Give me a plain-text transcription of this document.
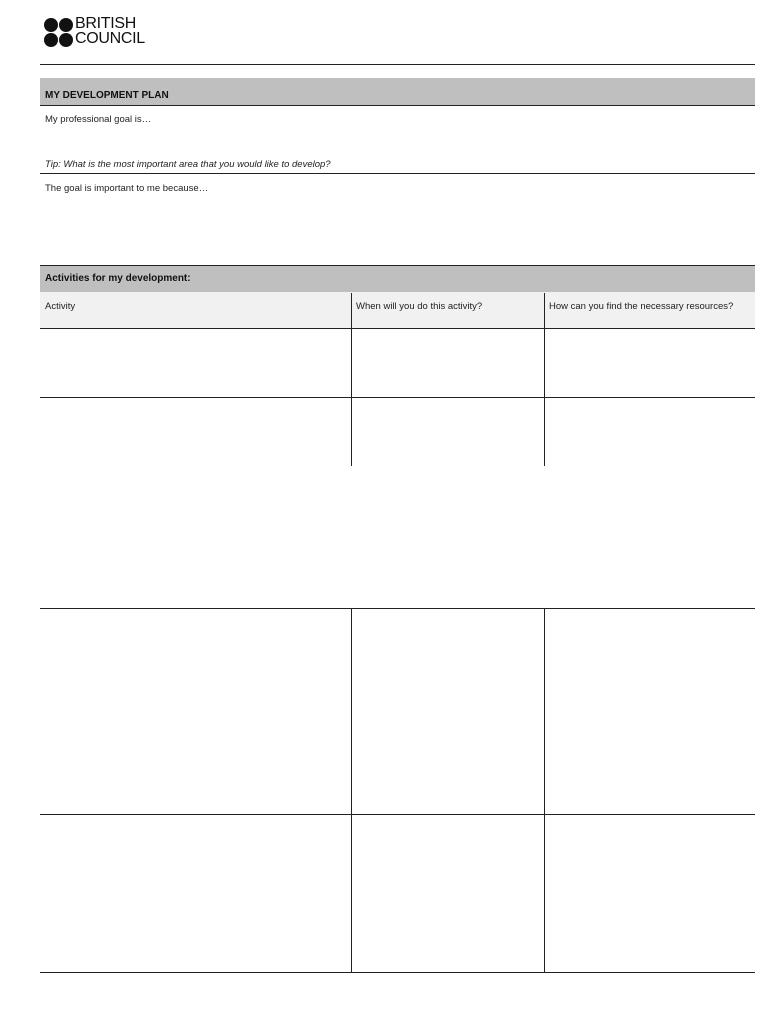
BRITISH
COUNCIL
MY DEVELOPMENT PLAN
My professional goal is…
Tip: What is the most important area that you would like to develop?
The goal is important to me because…
Activities for my development:
Activity	When will you do this activity?	How can you find the necessary resources?
